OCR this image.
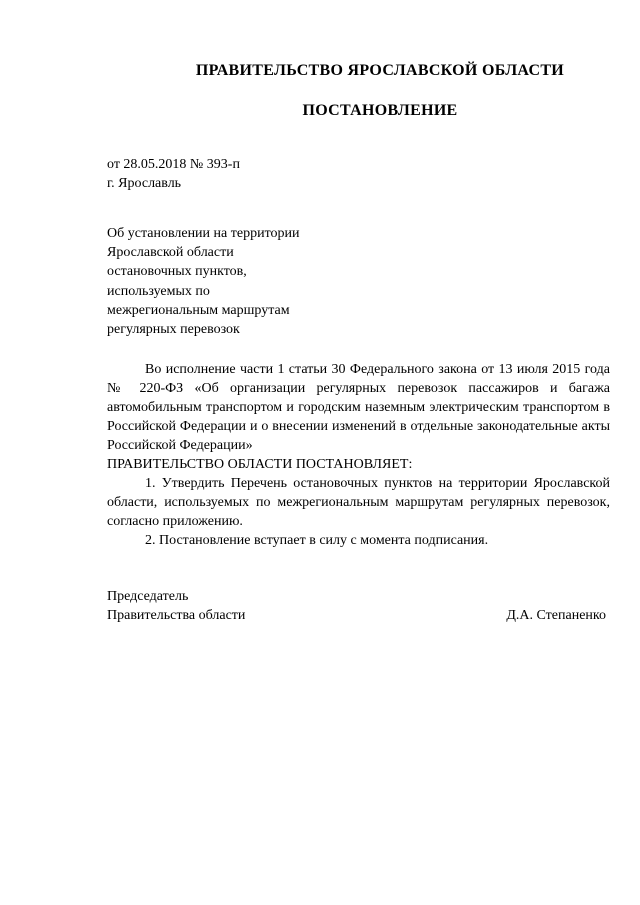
ПРАВИТЕЛЬСТВО ЯРОСЛАВСКОЙ ОБЛАСТИ
ПОСТАНОВЛЕНИЕ
от 28.05.2018 № 393-п
г. Ярославль
Об установлении на территории
Ярославской области
остановочных пунктов,
используемых по
межрегиональным маршрутам
регулярных перевозок

Во исполнение части 1 статьи 30 Федерального закона от 13 июля 2015 года № 220-ФЗ «Об организации регулярных перевозок пассажиров и багажа автомобильным транспортом и городским наземным электрическим транспортом в Российской Федерации и о внесении изменений в отдельные законодательные акты Российской Федерации»

ПРАВИТЕЛЬСТВО ОБЛАСТИ ПОСТАНОВЛЯЕТ:

1. Утвердить Перечень остановочных пунктов на территории Ярославской области, используемых по межрегиональным маршрутам регулярных перевозок, согласно приложению.

2. Постановление вступает в силу с момента подписания.

Председатель
Правительства области	Д.А. Степаненко
